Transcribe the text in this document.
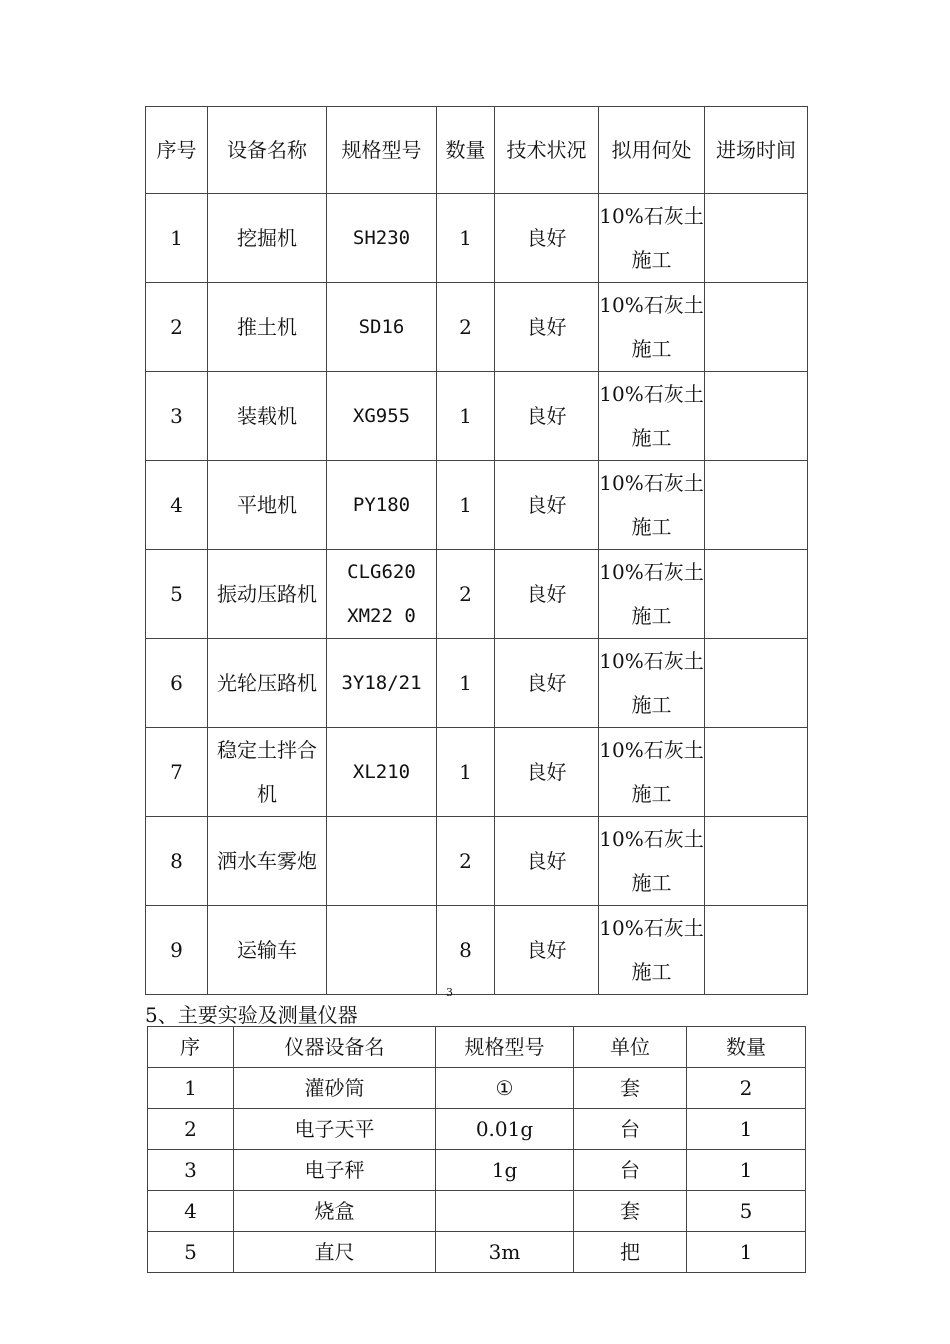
序号	设备名称	规格型号	数量	技术状况	拟用何处	进场时间
1	挖掘机	SH230	1	良好	10%石灰土施工	
2	推土机	SD16	2	良好	10%石灰土施工	
3	装载机	XG955	1	良好	10%石灰土施工	
4	平地机	PY180	1	良好	10%石灰土施工	
5	振动压路机	CLG620 XM22 0	2	良好	10%石灰土施工	
6	光轮压路机	3Y18/21	1	良好	10%石灰土施工	
7	稳定土拌合机	XL210	1	良好	10%石灰土施工	
8	洒水车雾炮		2	良好	10%石灰土施工	
9	运输车		8	良好	10%石灰土施工	
3
5、主要实验及测量仪器
序	仪器设备名	规格型号	单位	数量
1	灌砂筒	①	套	2
2	电子天平	0.01g	台	1
3	电子秤	1g	台	1
4	烧盒		套	5
5	直尺	3m	把	1
